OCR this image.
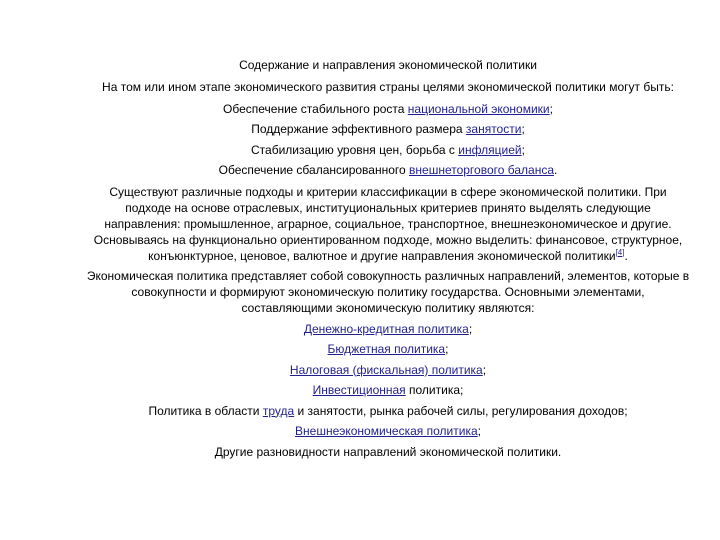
Содержание и направления экономической политики

На том или ином этапе экономического развития страны целями экономической политики могут быть:

Обеспечение стабильного роста национальной экономики;

Поддержание эффективного размера занятости;

Стабилизацию уровня цен, борьба с инфляцией;

Обеспечение сбалансированного внешнеторгового баланса.

Существуют различные подходы и критерии классификации в сфере экономической политики. При подходе на основе отраслевых, институциональных критериев принято выделять следующие направления: промышленное, аграрное, социальное, транспортное, внешнеэкономическое и другие. Основываясь на функционально ориентированном подходе, можно выделить: финансовое, структурное, конъюнктурное, ценовое, валютное и другие направления экономической политики[4].

Экономическая политика представляет собой совокупность различных направлений, элементов, которые в совокупности и формируют экономическую политику государства. Основными элементами, составляющими экономическую политику являются:

Денежно-кредитная политика;

Бюджетная политика;

Налоговая (фискальная) политика;

Инвестиционная политика;

Политика в области труда и занятости, рынка рабочей силы, регулирования доходов;

Внешнеэкономическая политика;

Другие разновидности направлений экономической политики.
